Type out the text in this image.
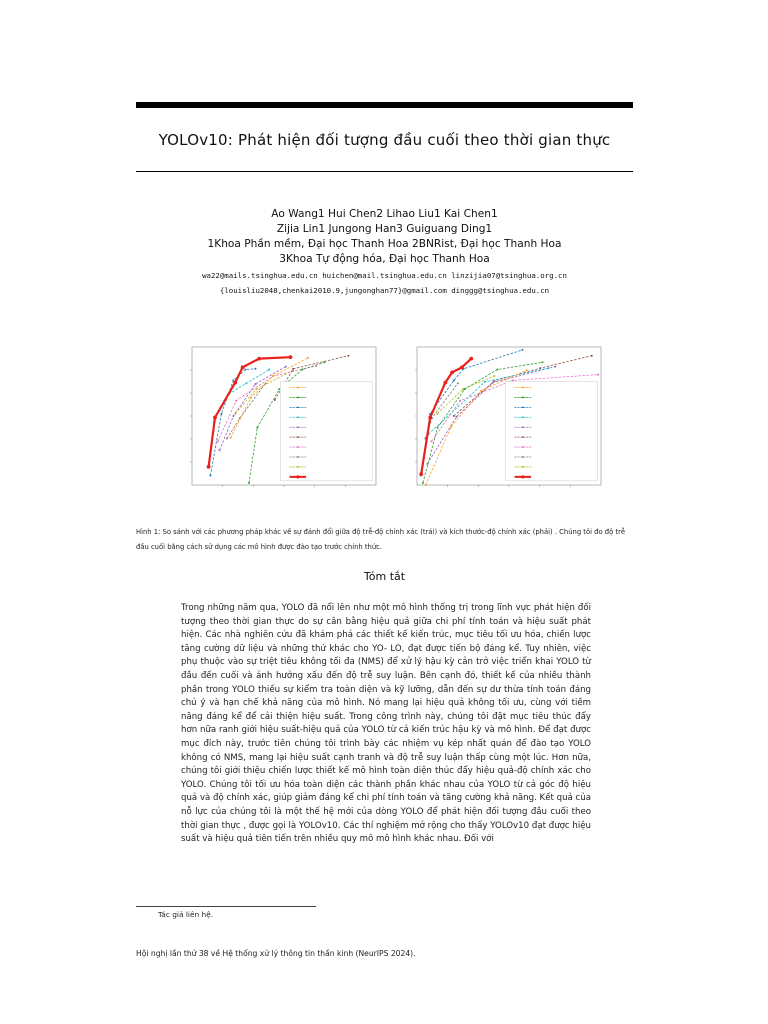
YOLOv10: Phát hiện đối tượng đầu cuối theo thời gian thực
Ao Wang1 Hui Chen2 Lihao Liu1 Kai Chen1
Zijia Lin1 Jungong Han3 Guiguang Ding1
1Khoa Phần mềm, Đại học Thanh Hoa 2BNRist, Đại học Thanh Hoa
3Khoa Tự động hóa, Đại học Thanh Hoa
wa22@mails.tsinghua.edu.cn huichen@mail.tsinghua.edu.cn linzijia07@tsinghua.org.cn
{louisliu2048,chenkai2010.9,jungonghan77}@gmail.com dinggg@tsinghua.edu.cn
Hình 1: So sánh với các phương pháp khác về sự đánh đổi giữa độ trễ-độ chính xác (trái) và kích thước-độ chính xác (phải) . Chúng tôi đo độ trễ đầu cuối bằng cách sử dụng các mô hình được đào tạo trước chính thức.
Tóm tắt
Trong những năm qua, YOLO đã nổi lên như một mô hình thống trị trong lĩnh vực phát hiện đối tượng theo thời gian thực do sự cân bằng hiệu quả giữa chi phí tính toán và hiệu suất phát hiện. Các nhà nghiên cứu đã khám phá các thiết kế kiến trúc, mục tiêu tối ưu hóa, chiến lược tăng cường dữ liệu và những thứ khác cho YO- LO, đạt được tiến bộ đáng kể. Tuy nhiên, việc phụ thuộc vào sự triệt tiêu không tối đa (NMS) để xử lý hậu kỳ cản trở việc triển khai YOLO từ đầu đến cuối và ảnh hưởng xấu đến độ trễ suy luận. Bên cạnh đó, thiết kế của nhiều thành phần trong YOLO thiếu sự kiểm tra toàn diện và kỹ lưỡng, dẫn đến sự dư thừa tính toán đáng chú ý và hạn chế khả năng của mô hình. Nó mang lại hiệu quả không tối ưu, cùng với tiềm năng đáng kể để cải thiện hiệu suất. Trong công trình này, chúng tôi đặt mục tiêu thúc đẩy hơn nữa ranh giới hiệu suất-hiệu quả của YOLO từ cả kiến trúc hậu kỳ và mô hình. Để đạt được mục đích này, trước tiên chúng tôi trình bày các nhiệm vụ kép nhất quán để đào tạo YOLO không có NMS, mang lại hiệu suất cạnh tranh và độ trễ suy luận thấp cùng một lúc. Hơn nữa, chúng tôi giới thiệu chiến lược thiết kế mô hình toàn diện thúc đẩy hiệu quả-độ chính xác cho YOLO. Chúng tôi tối ưu hóa toàn diện các thành phần khác nhau của YOLO từ cả góc độ hiệu quả và độ chính xác, giúp giảm đáng kể chi phí tính toán và tăng cường khả năng. Kết quả của nỗ lực của chúng tôi là một thế hệ mới của dòng YOLO để phát hiện đối tượng đầu cuối theo thời gian thực , được gọi là YOLOv10. Các thí nghiệm mở rộng cho thấy YOLOv10 đạt được hiệu suất và hiệu quả tiên tiến trên nhiều quy mô mô hình khác nhau. Đối với
Tác giả liên hệ.
Hội nghị lần thứ 38 về Hệ thống xử lý thông tin thần kinh (NeurIPS 2024).
